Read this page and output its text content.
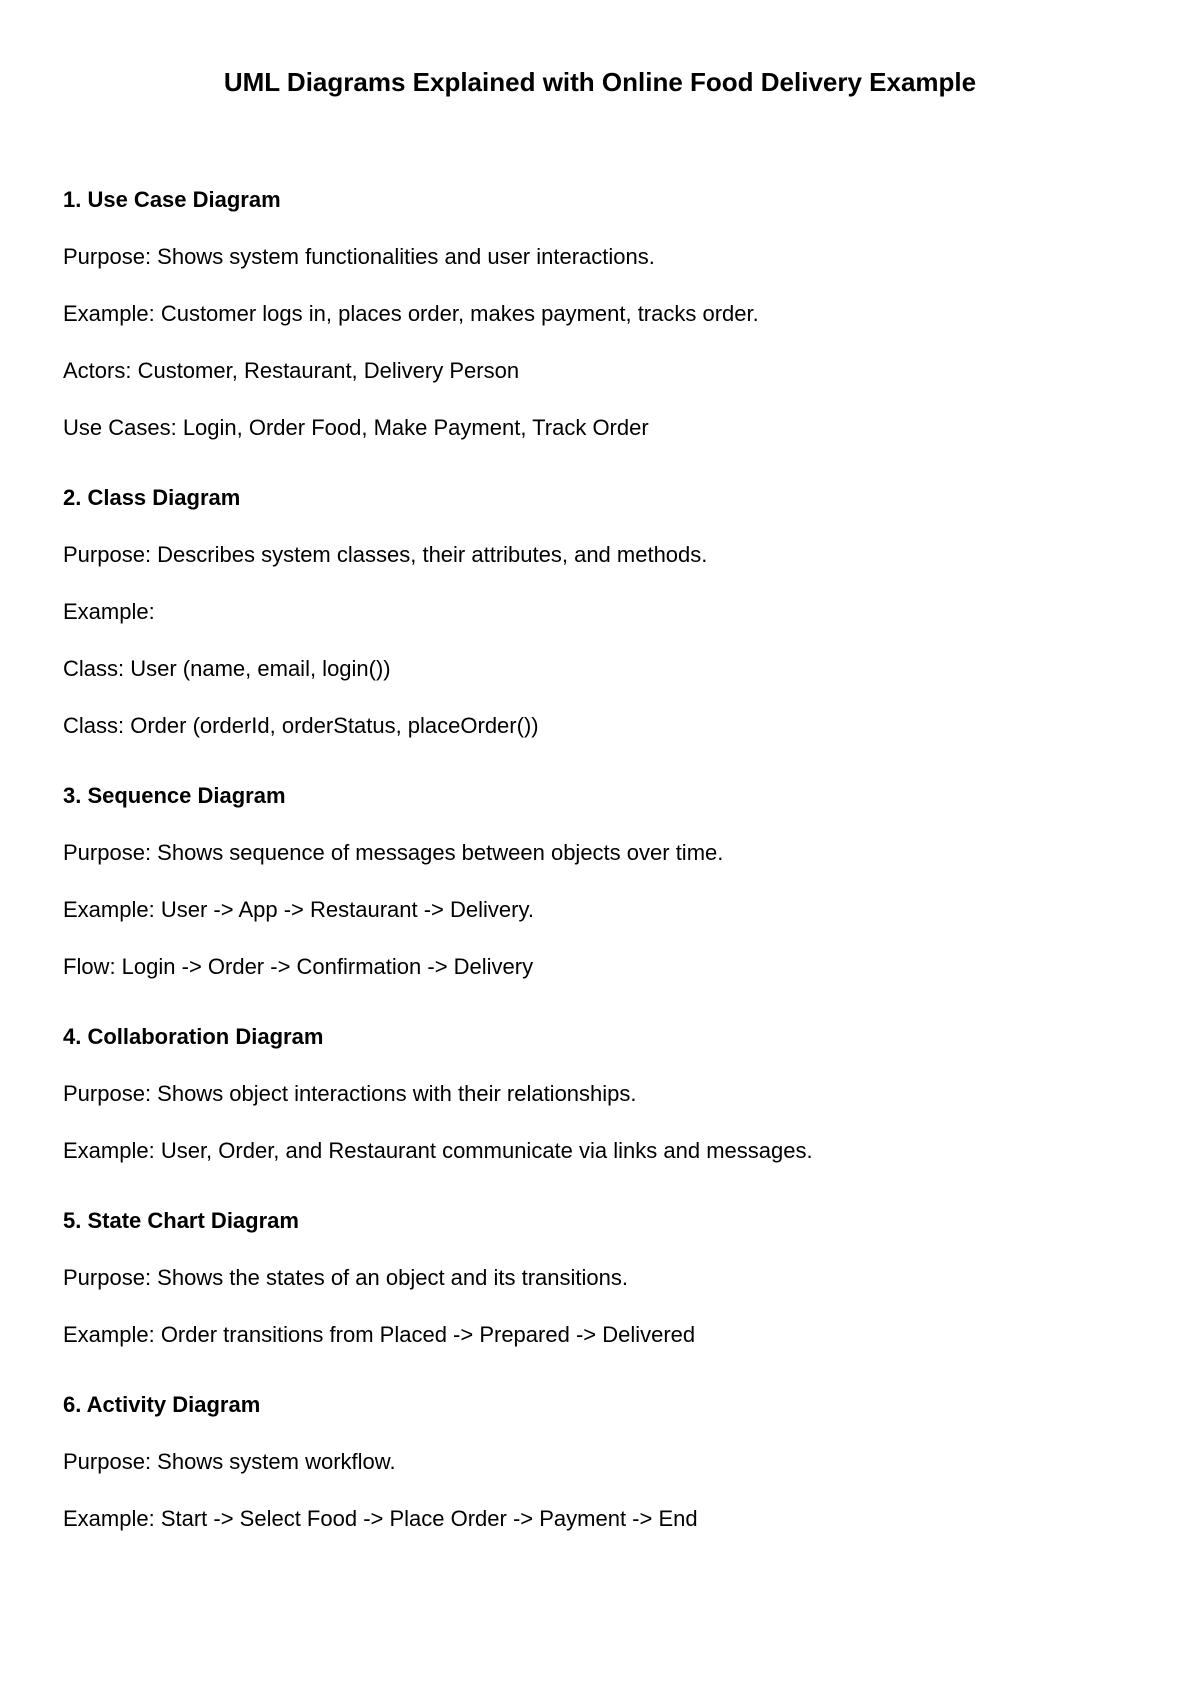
UML Diagrams Explained with Online Food Delivery Example
1. Use Case Diagram
Purpose: Shows system functionalities and user interactions.
Example: Customer logs in, places order, makes payment, tracks order.
Actors: Customer, Restaurant, Delivery Person
Use Cases: Login, Order Food, Make Payment, Track Order
2. Class Diagram
Purpose: Describes system classes, their attributes, and methods.
Example:
Class: User (name, email, login())
Class: Order (orderId, orderStatus, placeOrder())
3. Sequence Diagram
Purpose: Shows sequence of messages between objects over time.
Example: User -> App -> Restaurant -> Delivery.
Flow: Login -> Order -> Confirmation -> Delivery
4. Collaboration Diagram
Purpose: Shows object interactions with their relationships.
Example: User, Order, and Restaurant communicate via links and messages.
5. State Chart Diagram
Purpose: Shows the states of an object and its transitions.
Example: Order transitions from Placed -> Prepared -> Delivered
6. Activity Diagram
Purpose: Shows system workflow.
Example: Start -> Select Food -> Place Order -> Payment -> End
